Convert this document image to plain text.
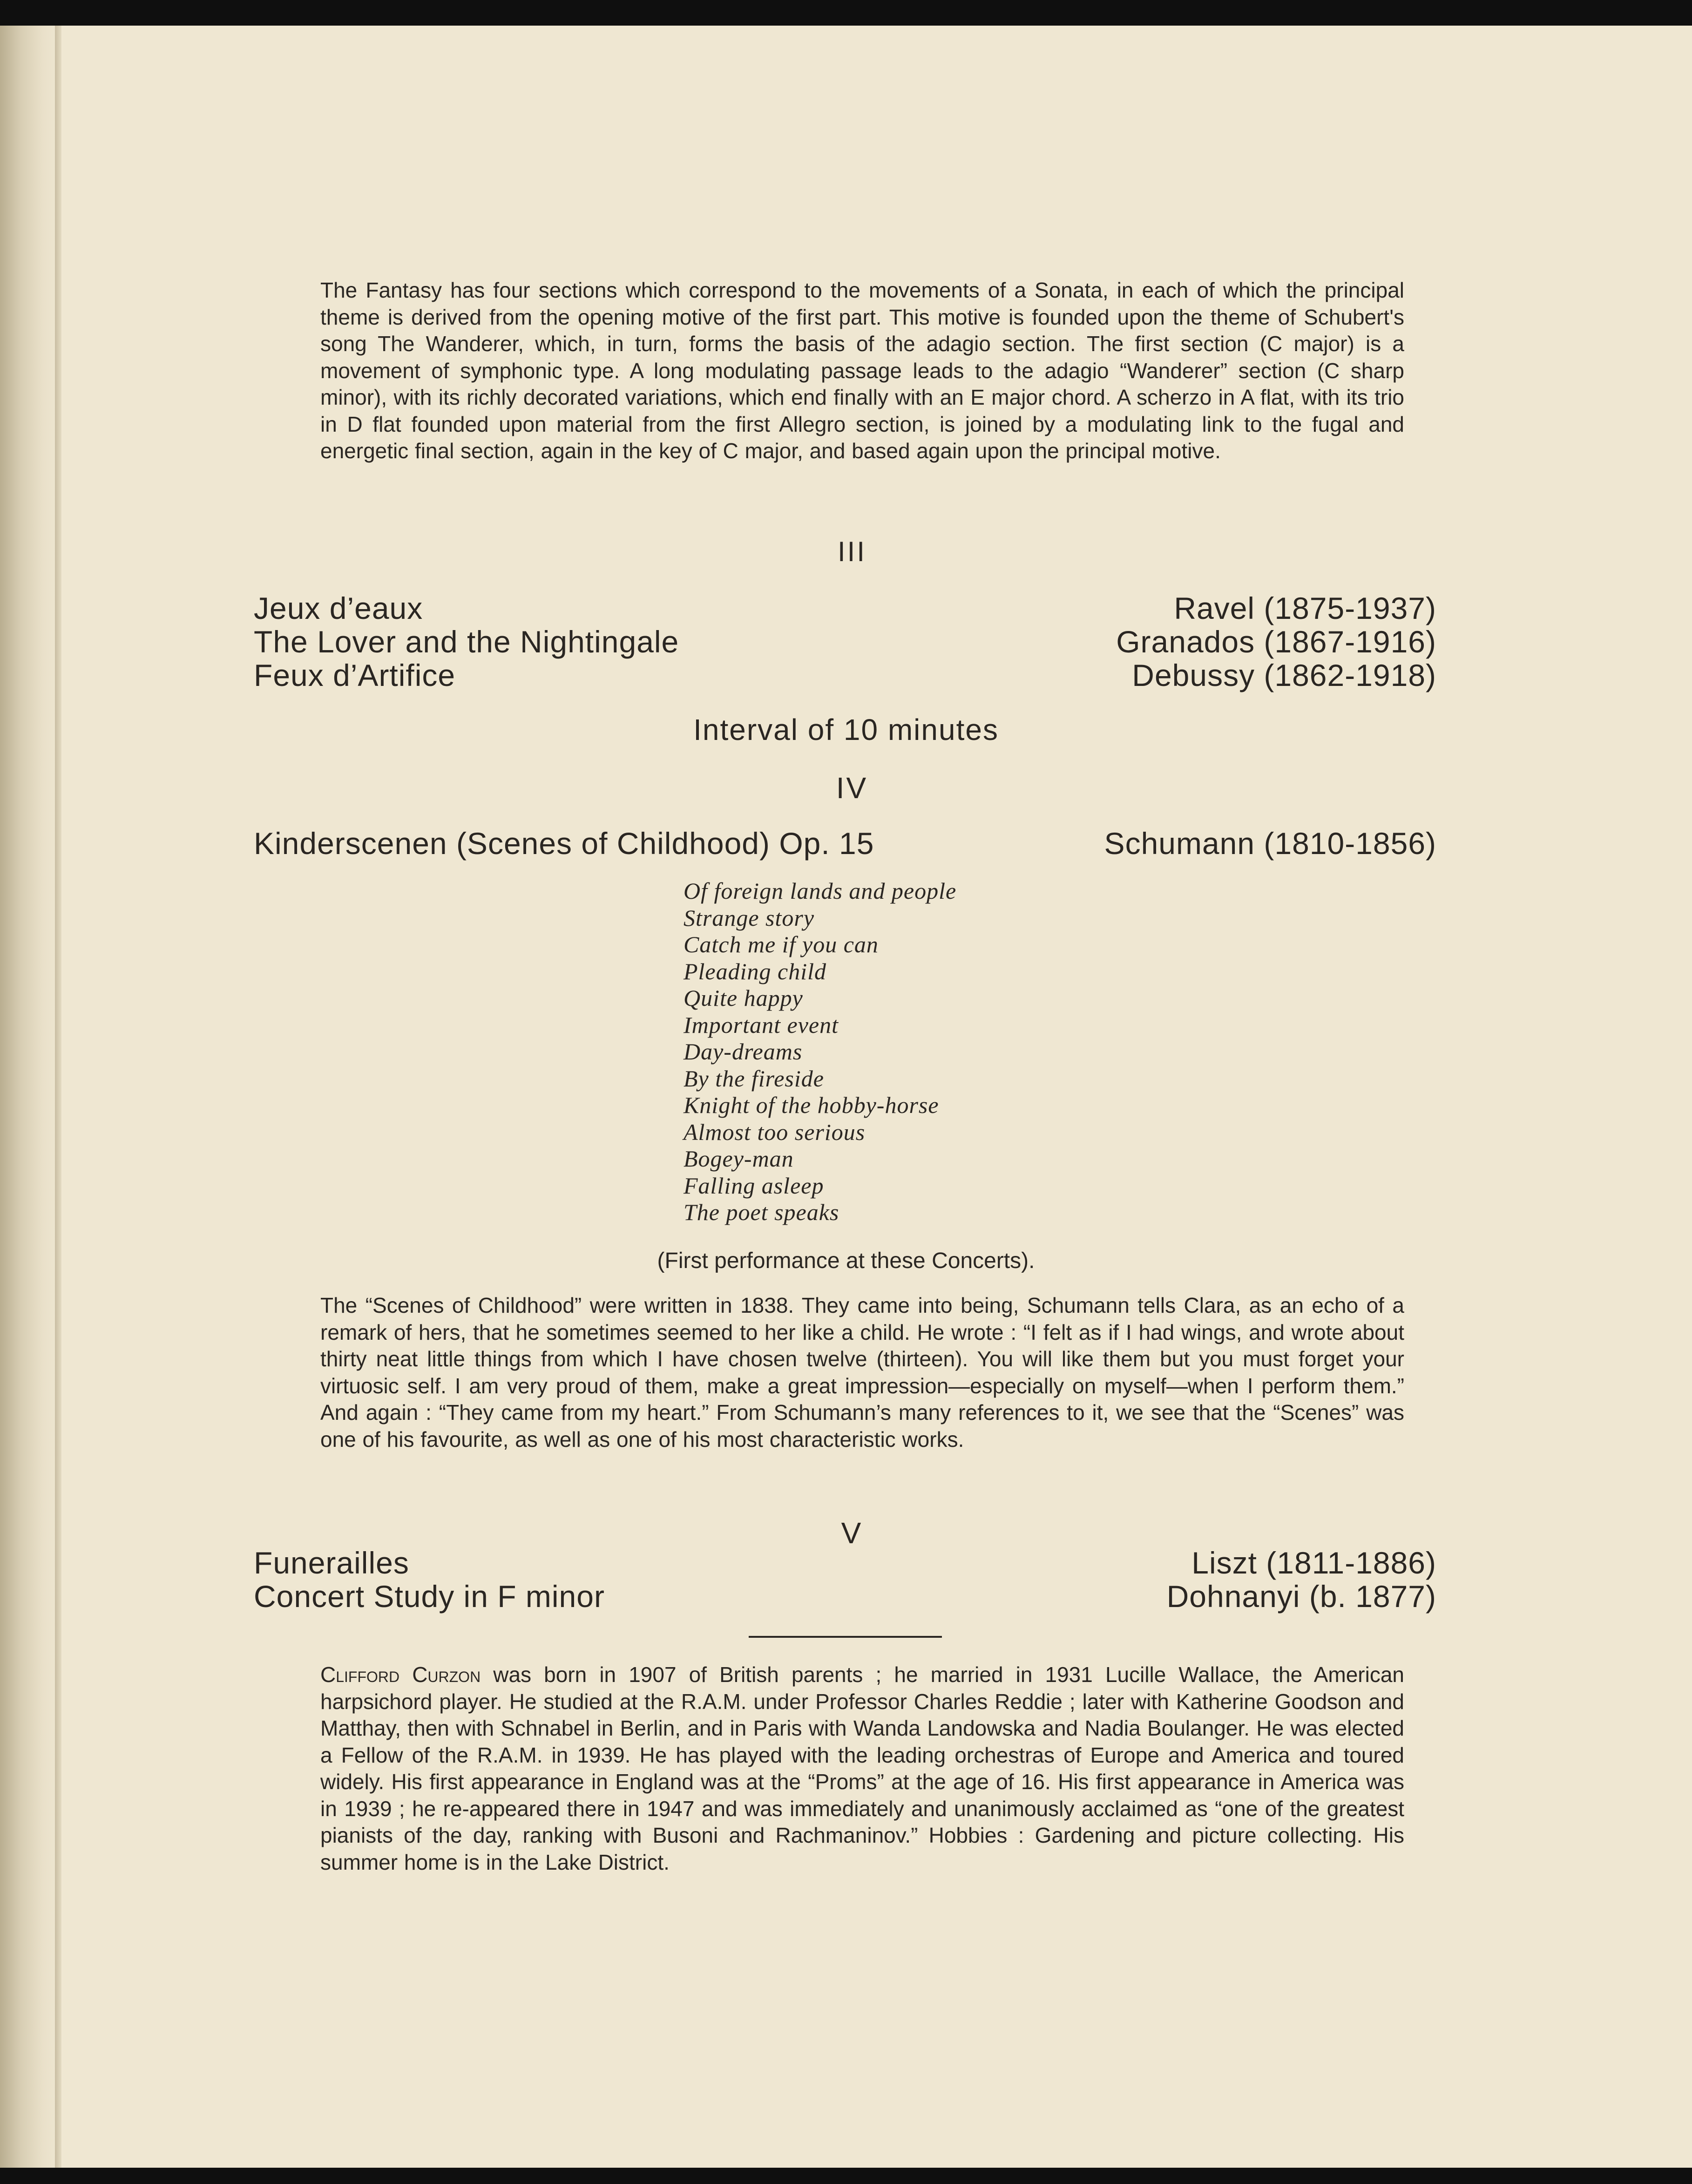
The Fantasy has four sections which correspond to the movements of a Sonata, in each of which the principal theme is derived from the opening motive of the first part. This motive is founded upon the theme of Schubert's song The Wanderer, which, in turn, forms the basis of the adagio section. The first section (C major) is a movement of symphonic type. A long modulating passage leads to the adagio “Wanderer” section (C sharp minor), with its richly decorated variations, which end finally with an E major chord. A scherzo in A flat, with its trio in D flat founded upon material from the first Allegro section, is joined by a modulating link to the fugal and energetic final section, again in the key of C major, and based again upon the principal motive.

III
Jeux d’eaux
The Lover and the Nightingale
Feux d’Artifice
Ravel (1875-1937)
Granados (1867-1916)
Debussy (1862-1918)
Interval of 10 minutes
IV
Kinderscenen (Scenes of Childhood) Op. 15	Schumann (1810-1856)
Of foreign lands and people
Strange story
Catch me if you can
Pleading child
Quite happy
Important event
Day-dreams
By the fireside
Knight of the hobby-horse
Almost too serious
Bogey-man
Falling asleep
The poet speaks
(First performance at these Concerts).

The “Scenes of Childhood” were written in 1838. They came into being, Schumann tells Clara, as an echo of a remark of hers, that he sometimes seemed to her like a child. He wrote : “I felt as if I had wings, and wrote about thirty neat little things from which I have chosen twelve (thirteen). You will like them but you must forget your virtuosic self. I am very proud of them, make a great impression—especially on myself—when I perform them.” And again : “They came from my heart.” From Schumann’s many references to it, we see that the “Scenes” was one of his favourite, as well as one of his most characteristic works.

V
Funerailles
Concert Study in F minor
Liszt (1811-1886)
Dohnanyi (b. 1877)

Clifford Curzon was born in 1907 of British parents ; he married in 1931 Lucille Wallace, the American harpsichord player. He studied at the R.A.M. under Professor Charles Reddie ; later with Katherine Goodson and Matthay, then with Schnabel in Berlin, and in Paris with Wanda Landowska and Nadia Boulanger. He was elected a Fellow of the R.A.M. in 1939. He has played with the leading orchestras of Europe and America and toured widely. His first appearance in England was at the “Proms” at the age of 16. His first appearance in America was in 1939 ; he re-appeared there in 1947 and was immediately and unanimously acclaimed as “one of the greatest pianists of the day, ranking with Busoni and Rachmaninov.” Hobbies : Gardening and picture collecting. His summer home is in the Lake District.
